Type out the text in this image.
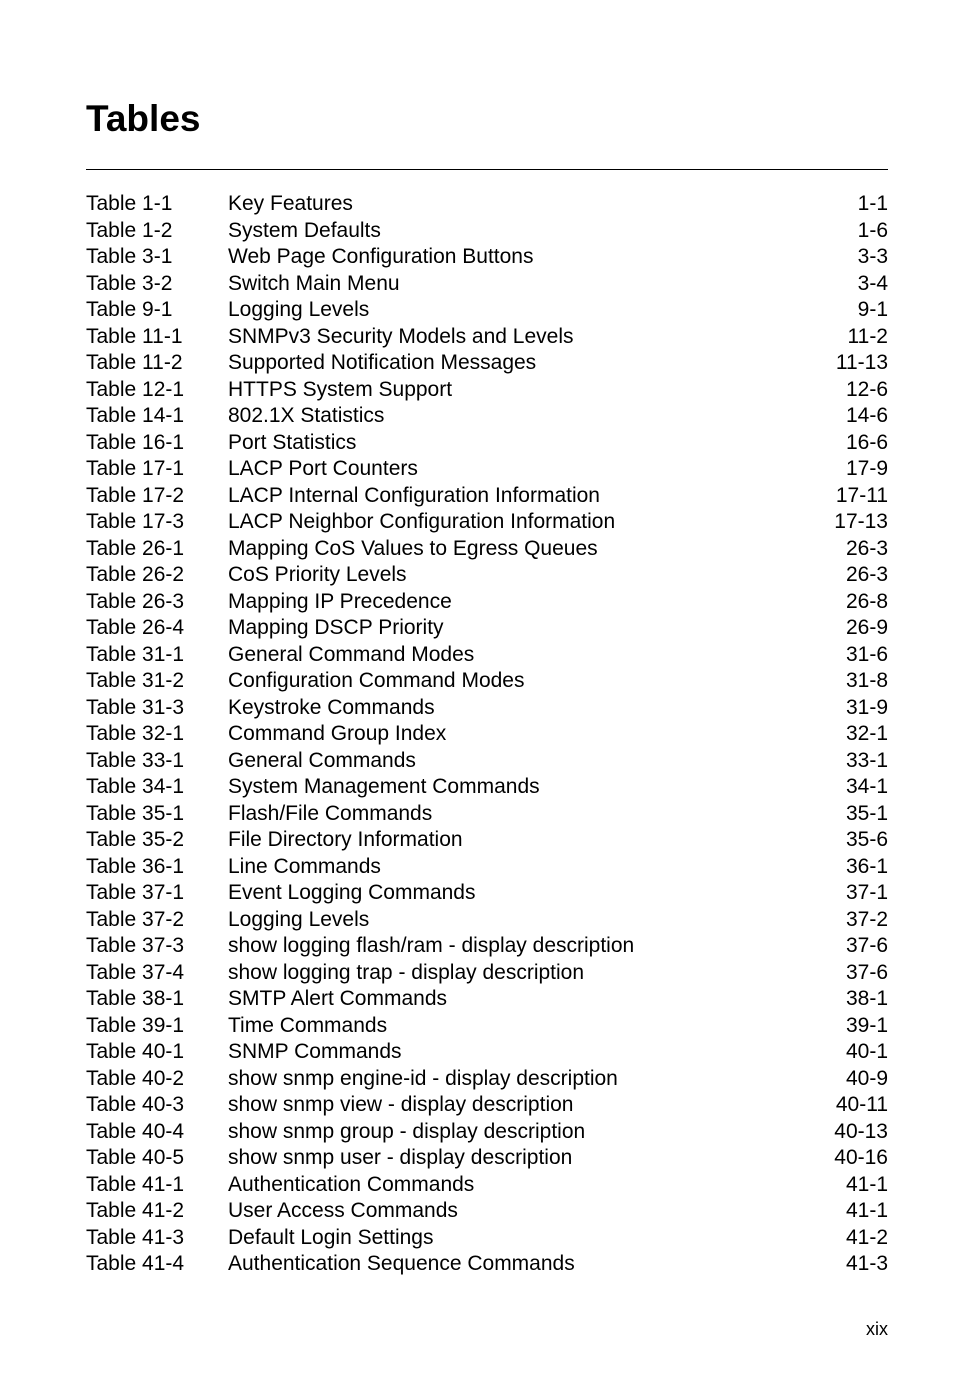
Tables
Table 1-1	Key Features	1-1
Table 1-2	System Defaults	1-6
Table 3-1	Web Page Configuration Buttons	3-3
Table 3-2	Switch Main Menu	3-4
Table 9-1	Logging Levels	9-1
Table 11-1 SNMPv3 Security Models and Levels	11-2
Table 11-2 Supported Notification Messages	11-13
Table 12-1 HTTPS System Support	12-6
Table 14-1 802.1X Statistics	14-6
Table 16-1 Port Statistics	16-6
Table 17-1 LACP Port Counters	17-9
Table 17-2 LACP Internal Configuration Information	17-11
Table 17-3 LACP Neighbor Configuration Information	17-13
Table 26-1 Mapping CoS Values to Egress Queues	26-3
Table 26-2 CoS Priority Levels	26-3
Table 26-3 Mapping IP Precedence	26-8
Table 26-4 Mapping DSCP Priority	26-9
Table 31-1 General Command Modes	31-6
Table 31-2 Configuration Command Modes	31-8
Table 31-3 Keystroke Commands	31-9
Table 32-1 Command Group Index	32-1
Table 33-1 General Commands	33-1
Table 34-1 System Management Commands	34-1
Table 35-1 Flash/File Commands	35-1
Table 35-2 File Directory Information	35-6
Table 36-1 Line Commands	36-1
Table 37-1 Event Logging Commands	37-1
Table 37-2 Logging Levels	37-2
Table 37-3 show logging flash/ram - display description	37-6
Table 37-4 show logging trap - display description	37-6
Table 38-1 SMTP Alert Commands	38-1
Table 39-1 Time Commands	39-1
Table 40-1 SNMP Commands	40-1
Table 40-2 show snmp engine-id - display description	40-9
Table 40-3 show snmp view - display description	40-11
Table 40-4 show snmp group - display description	40-13
Table 40-5 show snmp user - display description	40-16
Table 41-1 Authentication Commands	41-1
Table 41-2 User Access Commands	41-1
Table 41-3 Default Login Settings	41-2
Table 41-4 Authentication Sequence Commands	41-3
xix
